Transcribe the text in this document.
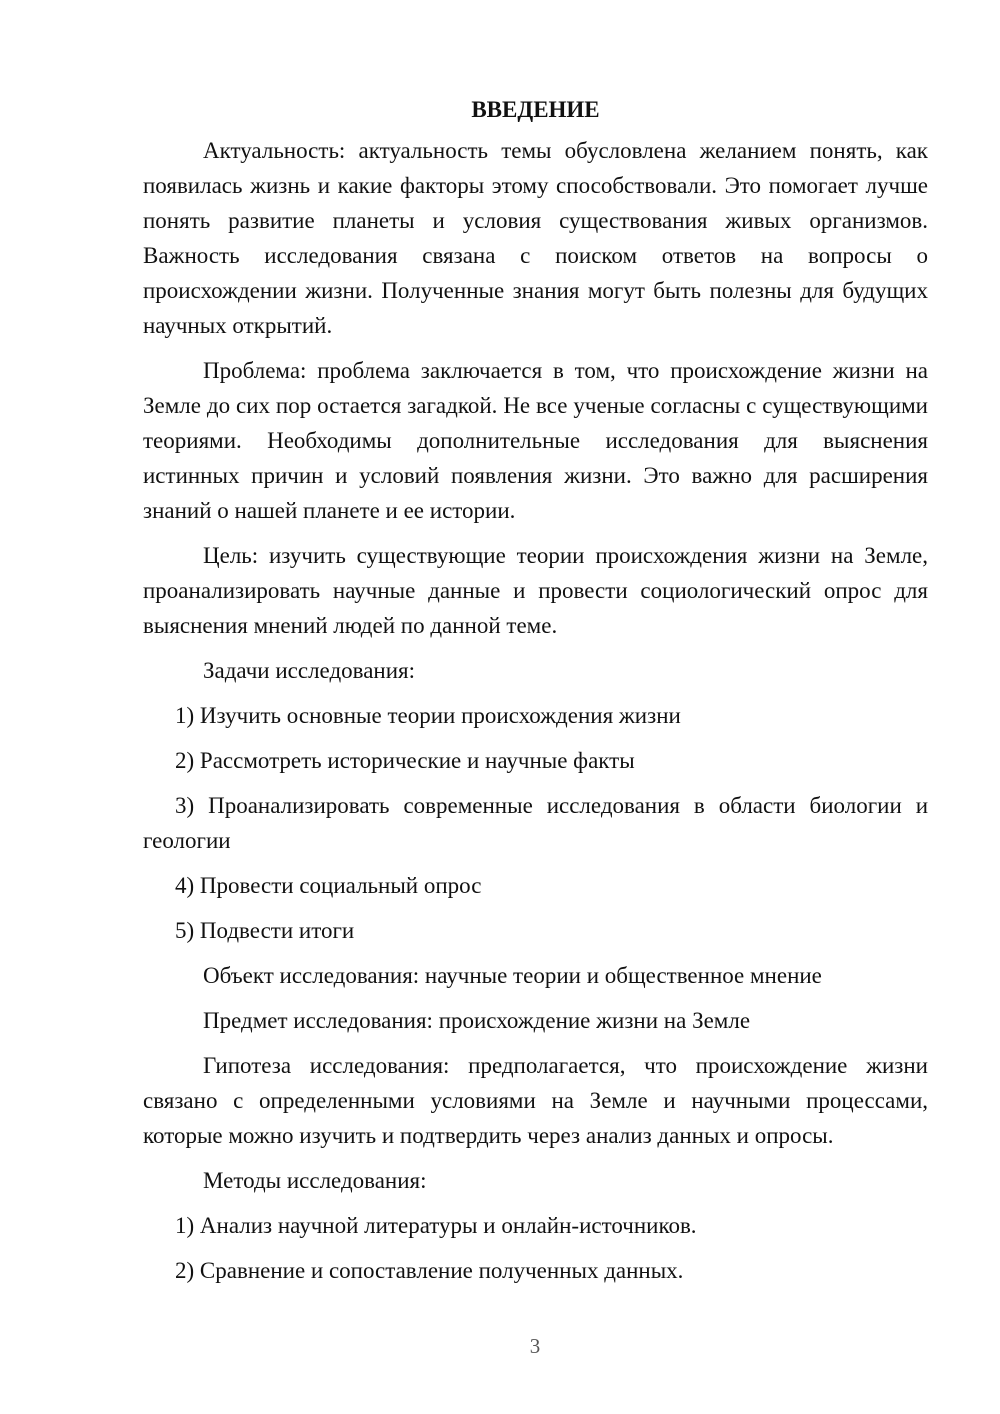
ВВЕДЕНИЕ

Актуальность: актуальность темы обусловлена желанием понять, как появилась жизнь и какие факторы этому способствовали. Это помогает лучше понять развитие планеты и условия существования живых организмов. Важность исследования связана с поиском ответов на вопросы о происхождении жизни. Полученные знания могут быть полезны для будущих научных открытий.

Проблема: проблема заключается в том, что происхождение жизни на Земле до сих пор остается загадкой. Не все ученые согласны с существующими теориями. Необходимы дополнительные исследования для выяснения истинных причин и условий появления жизни. Это важно для расширения знаний о нашей планете и ее истории.

Цель: изучить существующие теории происхождения жизни на Земле, проанализировать научные данные и провести социологический опрос для выяснения мнений людей по данной теме.

Задачи исследования:

1) Изучить основные теории происхождения жизни

2) Рассмотреть исторические и научные факты

3) Проанализировать современные исследования в области биологии и геологии

4) Провести социальный опрос

5) Подвести итоги

Объект исследования: научные теории и общественное мнение

Предмет исследования: происхождение жизни на Земле

Гипотеза исследования: предполагается, что происхождение жизни связано с определенными условиями на Земле и научными процессами, которые можно изучить и подтвердить через анализ данных и опросы.

Методы исследования:

1) Анализ научной литературы и онлайн-источников.

2) Сравнение и сопоставление полученных данных.

3
